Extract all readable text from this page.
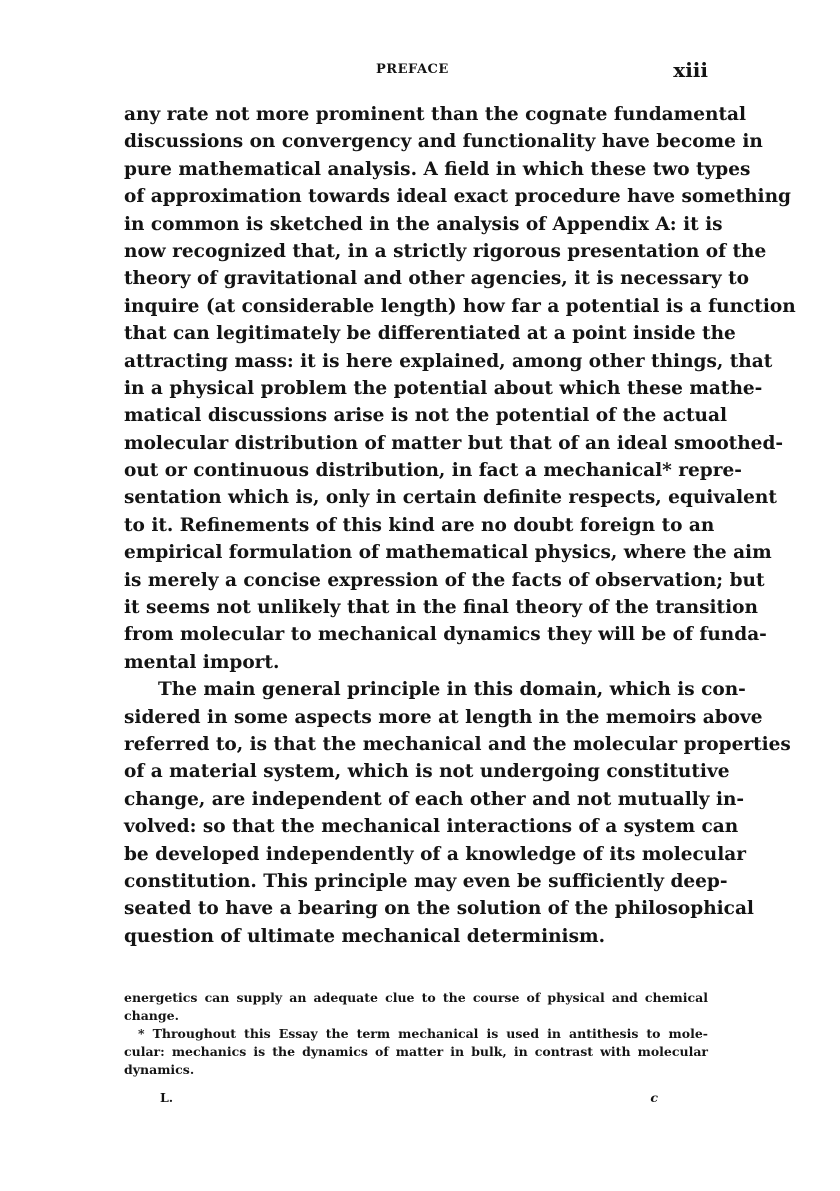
PREFACE	xiii
any rate not more prominent than the cognate fundamental
discussions on convergency and functionality have become in
pure mathematical analysis. A field in which these two types
of approximation towards ideal exact procedure have something
in common is sketched in the analysis of Appendix A: it is
now recognized that, in a strictly rigorous presentation of the
theory of gravitational and other agencies, it is necessary to
inquire (at considerable length) how far a potential is a function
that can legitimately be differentiated at a point inside the
attracting mass: it is here explained, among other things, that
in a physical problem the potential about which these mathe-
matical discussions arise is not the potential of the actual
molecular distribution of matter but that of an ideal smoothed-
out or continuous distribution, in fact a mechanical* repre-
sentation which is, only in certain definite respects, equivalent
to it. Refinements of this kind are no doubt foreign to an
empirical formulation of mathematical physics, where the aim
is merely a concise expression of the facts of observation; but
it seems not unlikely that in the final theory of the transition
from molecular to mechanical dynamics they will be of funda-
mental import.
The main general principle in this domain, which is con-
sidered in some aspects more at length in the memoirs above
referred to, is that the mechanical and the molecular properties
of a material system, which is not undergoing constitutive
change, are independent of each other and not mutually in-
volved: so that the mechanical interactions of a system can
be developed independently of a knowledge of its molecular
constitution. This principle may even be sufficiently deep-
seated to have a bearing on the solution of the philosophical
question of ultimate mechanical determinism.
energetics can supply an adequate clue to the course of physical and chemical
change.
* Throughout this Essay the term mechanical is used in antithesis to mole-
cular: mechanics is the dynamics of matter in bulk, in contrast with molecular
dynamics.
L.	c
